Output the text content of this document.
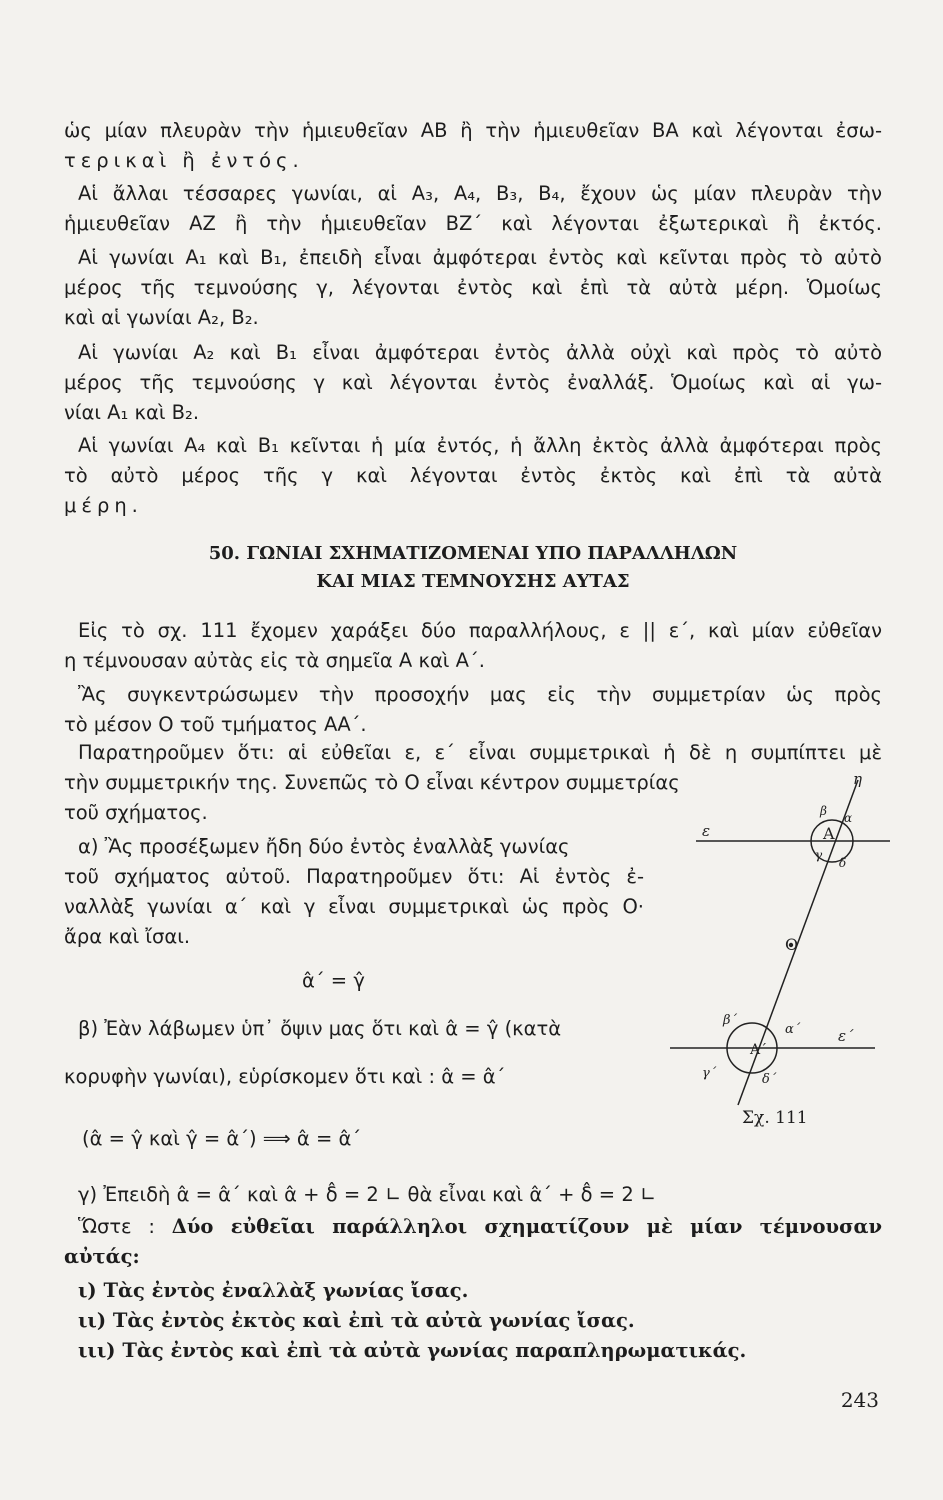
ὡς μίαν πλευρὰν τὴν ἡμιευθεῖαν ΑΒ ἢ τὴν ἡμιευθεῖαν ΒΑ καὶ λέγονται ἐσω-
τερικαὶ ἢ ἐντός.
Αἱ ἄλλαι τέσσαρες γωνίαι, αἱ Α₃, Α₄, Β₃, Β₄, ἔχουν ὡς μίαν πλευρὰν τὴν
ἡμιευθεῖαν ΑΖ ἢ τὴν ἡμιευθεῖαν ΒΖ΄ καὶ λέγονται ἐξωτερικαὶ ἢ ἐκτός.
Αἱ γωνίαι Α₁ καὶ Β₁, ἐπειδὴ εἶναι ἀμφότεραι ἐντὸς καὶ κεῖνται πρὸς τὸ αὐτὸ
μέρος τῆς τεμνούσης γ, λέγονται ἐντὸς καὶ ἐπὶ τὰ αὐτὰ μέρη. Ὁμοίως
καὶ αἱ γωνίαι Α₂, Β₂.
Αἱ γωνίαι Α₂ καὶ Β₁ εἶναι ἀμφότεραι ἐντὸς ἀλλὰ οὐχὶ καὶ πρὸς τὸ αὐτὸ
μέρος τῆς τεμνούσης γ καὶ λέγονται ἐντὸς ἐναλλάξ. Ὁμοίως καὶ αἱ γω-
νίαι Α₁ καὶ Β₂.
Αἱ γωνίαι Α₄ καὶ Β₁ κεῖνται ἡ μία ἐντός, ἡ ἄλλη ἐκτὸς ἀλλὰ ἀμφότεραι πρὸς
τὸ αὐτὸ μέρος τῆς γ καὶ λέγονται ἐντὸς ἐκτὸς καὶ ἐπὶ τὰ αὐτὰ
μέρη.
50. ΓΩΝΙΑΙ ΣΧΗΜΑΤΙΖΟΜΕΝΑΙ ΥΠΟ ΠΑΡΑΛΛΗΛΩΝ
ΚΑΙ ΜΙΑΣ ΤΕΜΝΟΥΣΗΣ ΑΥΤΑΣ
Εἰς τὸ σχ. 111 ἔχομεν χαράξει δύο παραλλήλους, ε || ε΄, καὶ μίαν εὐθεῖαν
η τέμνουσαν αὐτὰς εἰς τὰ σημεῖα Α καὶ Α΄.
Ἂς συγκεντρώσωμεν τὴν προσοχήν μας εἰς τὴν συμμετρίαν ὡς πρὸς
τὸ μέσον Ο τοῦ τμήματος ΑΑ΄.
Παρατηροῦμεν ὅτι: αἱ εὐθεῖαι ε, ε΄ εἶναι συμμετρικαὶ ἡ δὲ η συμπίπτει μὲ
τὴν συμμετρικήν της. Συνεπῶς τὸ Ο εἶναι κέντρον συμμετρίας
τοῦ σχήματος.
α) Ἂς προσέξωμεν ἤδη δύο ἐντὸς ἐναλλὰξ γωνίας
τοῦ σχήματος αὐτοῦ. Παρατηροῦμεν ὅτι: Αἱ ἐντὸς ἐ-
ναλλὰξ γωνίαι α΄ καὶ γ εἶναι συμμετρικαὶ ὡς πρὸς Ο·
ἄρα καὶ ἴσαι.
α̂΄ = γ̂
β) Ἐὰν λάβωμεν ὑπ᾽ ὄψιν μας ὅτι καὶ α̂ = γ̂ (κατὰ
κορυφὴν γωνίαι), εὑρίσκομεν ὅτι καὶ : α̂ = α̂΄
(α̂ = γ̂ καὶ γ̂ = α̂΄) ⟹ α̂ = α̂΄
γ) Ἐπειδὴ α̂ = α̂΄ καὶ α̂ + δ̂ = 2 ∟ θὰ εἶναι καὶ α̂΄ + δ̂ = 2 ∟
Ὥστε : Δύο εὐθεῖαι παράλληλοι σχηματίζουν μὲ μίαν τέμνουσαν
αὐτάς:
ι) Τὰς ἐντὸς ἐναλλὰξ γωνίας ἴσας.
ιι) Τὰς ἐντὸς ἐκτὸς καὶ ἐπὶ τὰ αὐτὰ γωνίας ἴσας.
ιιι) Τὰς ἐντὸς καὶ ἐπὶ τὰ αὐτὰ γωνίας παραπληρωματικάς.
η
ε
ε΄
Α
Α΄
Ο
α
β
γ
δ
α΄
β΄
γ΄	δ΄
Σχ. 111
243
